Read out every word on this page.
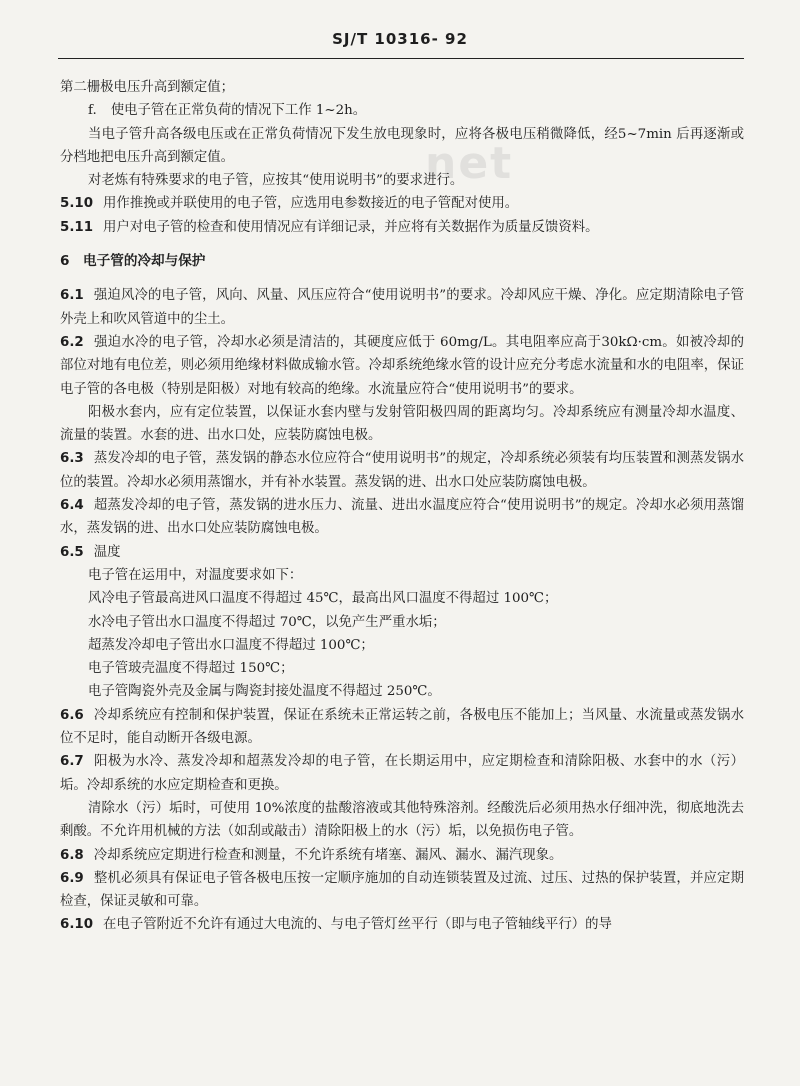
SJ/T 10316- 92
net

第二栅极电压升高到额定值；

f. 使电子管在正常负荷的情况下工作 1~2h。

当电子管升高各级电压或在正常负荷情况下发生放电现象时，应将各极电压稍微降低，经5~7min 后再逐渐或分档地把电压升高到额定值。

对老炼有特殊要求的电子管，应按其“使用说明书”的要求进行。

5.10 用作推挽或并联使用的电子管，应选用电参数接近的电子管配对使用。

5.11 用户对电子管的检查和使用情况应有详细记录，并应将有关数据作为质量反馈资料。

6　电子管的冷却与保护

6.1 强迫风冷的电子管，风向、风量、风压应符合“使用说明书”的要求。冷却风应干燥、净化。应定期清除电子管外壳上和吹风管道中的尘土。

6.2 强迫水冷的电子管，冷却水必须是清洁的，其硬度应低于 60mg/L。其电阻率应高于30kΩ·cm。如被冷却的部位对地有电位差，则必须用绝缘材料做成输水管。冷却系统绝缘水管的设计应充分考虑水流量和水的电阻率，保证电子管的各电极（特别是阳极）对地有较高的绝缘。水流量应符合“使用说明书”的要求。

阳极水套内，应有定位装置，以保证水套内壁与发射管阳极四周的距离均匀。冷却系统应有测量冷却水温度、流量的装置。水套的进、出水口处，应装防腐蚀电极。

6.3 蒸发冷却的电子管，蒸发锅的静态水位应符合“使用说明书”的规定，冷却系统必须装有均压装置和测蒸发锅水位的装置。冷却水必须用蒸馏水，并有补水装置。蒸发锅的进、出水口处应装防腐蚀电极。

6.4 超蒸发冷却的电子管，蒸发锅的进水压力、流量、进出水温度应符合“使用说明书”的规定。冷却水必须用蒸馏水，蒸发锅的进、出水口处应装防腐蚀电极。

6.5 温度

电子管在运用中，对温度要求如下：

风冷电子管最高进风口温度不得超过 45℃，最高出风口温度不得超过 100℃；

水冷电子管出水口温度不得超过 70℃，以免产生严重水垢；

超蒸发冷却电子管出水口温度不得超过 100℃；

电子管玻壳温度不得超过 150℃；

电子管陶瓷外壳及金属与陶瓷封接处温度不得超过 250℃。

6.6 冷却系统应有控制和保护装置，保证在系统未正常运转之前，各极电压不能加上；当风量、水流量或蒸发锅水位不足时，能自动断开各级电源。

6.7 阳极为水冷、蒸发冷却和超蒸发冷却的电子管，在长期运用中，应定期检查和清除阳极、水套中的水（污）垢。冷却系统的水应定期检查和更换。

清除水（污）垢时，可使用 10%浓度的盐酸溶液或其他特殊溶剂。经酸洗后必须用热水仔细冲洗，彻底地洗去剩酸。不允许用机械的方法（如刮或敲击）清除阳极上的水（污）垢，以免损伤电子管。

6.8 冷却系统应定期进行检查和测量，不允许系统有堵塞、漏风、漏水、漏汽现象。

6.9 整机必须具有保证电子管各极电压按一定顺序施加的自动连锁装置及过流、过压、过热的保护装置，并应定期检查，保证灵敏和可靠。

6.10 在电子管附近不允许有通过大电流的、与电子管灯丝平行（即与电子管轴线平行）的导
